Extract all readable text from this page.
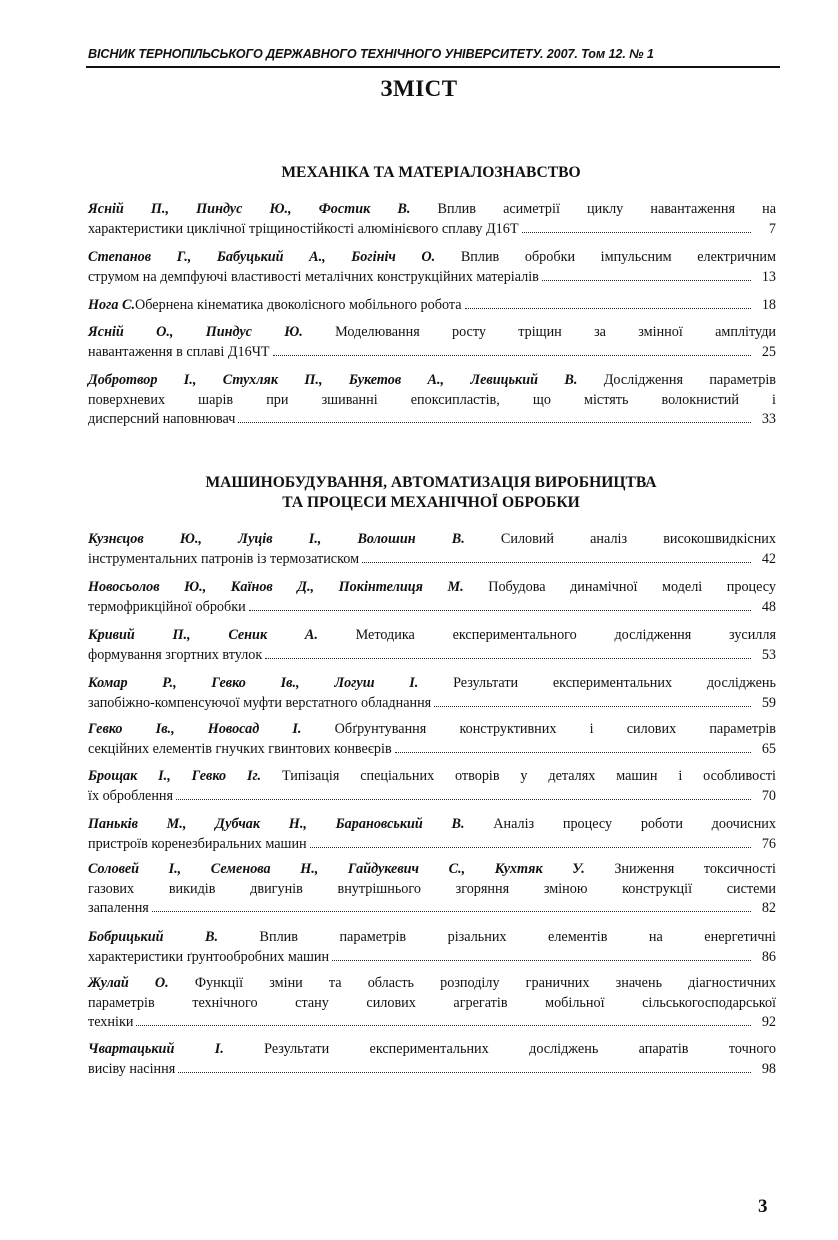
ВІСНИК ТЕРНОПІЛЬСЬКОГО ДЕРЖАВНОГО ТЕХНІЧНОГО УНІВЕРСИТЕТУ. 2007. Том 12. № 1
ЗМІСТ
МЕХАНІКА ТА МАТЕРІАЛОЗНАВСТВО
Ясній П., Пиндус Ю., Фостик В. Вплив асиметрії циклу навантаження на
характеристики циклічної тріщиностійкості алюмінієвого сплаву Д16Т	7
Степанов Г., Бабуцький А., Богініч О. Вплив обробки імпульсним електричним
струмом на демпфуючі властивості металічних конструкційних матеріалів	13
Нога С. Обернена кінематика двоколісного мобільного робота	18
Ясній О., Пиндус Ю. Моделювання росту тріщин за змінної амплітуди
навантаження в сплаві Д16ЧТ	25
Добротвор І., Стухляк П., Букетов А., Левицький В. Дослідження параметрів
поверхневих шарів при зшиванні епоксипластів, що містять волокнистий і
дисперсний наповнювач	33
МАШИНОБУДУВАННЯ, АВТОМАТИЗАЦІЯ ВИРОБНИЦТВА
ТА ПРОЦЕСИ МЕХАНІЧНОЇ ОБРОБКИ
Кузнєцов Ю., Луців І., Волошин В. Силовий аналіз високошвидкісних
інструментальних патронів із термозатиском	42
Новосьолов Ю., Каїнов Д., Покінтелиця М. Побудова динамічної моделі процесу
термофрикційної обробки	48
Кривий П., Сеник А. Методика експериментального дослідження зусилля
формування згортних втулок	53
Комар Р., Гевко Ів., Логуш І. Результати експериментальних досліджень
запобіжно-компенсуючої муфти верстатного обладнання	59
Гевко Ів., Новосад І. Обґрунтування конструктивних і силових параметрів
секційних елементів гнучких гвинтових конвеєрів	65
Брощак І., Гевко Іг. Типізація спеціальних отворів у деталях машин і особливості
їх оброблення	70
Паньків М., Дубчак Н., Барановський В. Аналіз процесу роботи доочисних
пристроїв коренезбиральних машин	76
Соловей І., Семенова Н., Гайдукевич С., Кухтяк У. Зниження токсичності
газових викидів двигунів внутрішнього згоряння зміною конструкції системи
запалення	82
Бобрицький В. Вплив параметрів різальних елементів на енергетичні
характеристики ґрунтообробних машин	86
Жулай О. Функції зміни та область розподілу граничних значень діагностичних
параметрів технічного стану силових агрегатів мобільної сільськогосподарської
техніки	92
Чвартацький І. Результати експериментальних досліджень апаратів точного
висіву насіння	98
3
